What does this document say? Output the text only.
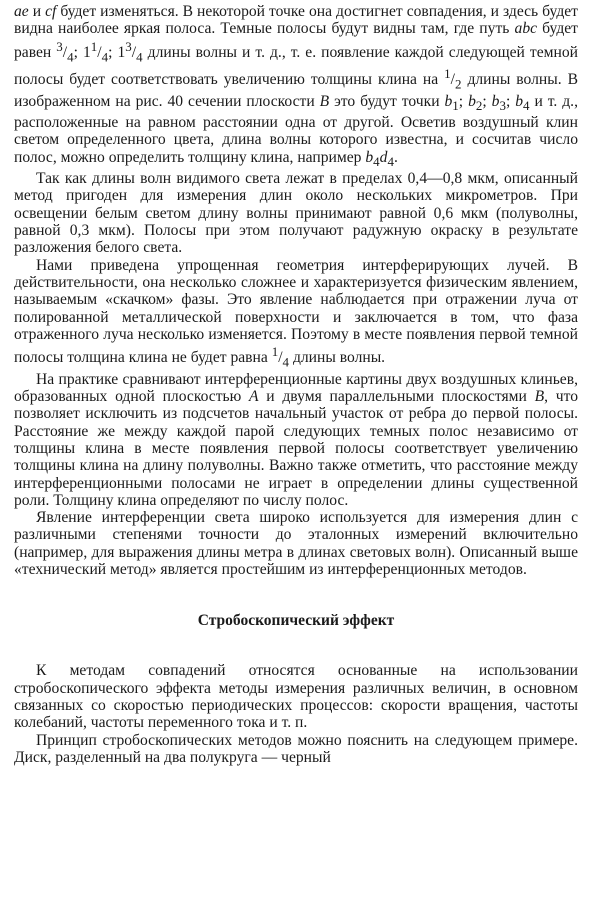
ae и cf будет изменяться. В некоторой точке она достигнет совпадения, и здесь будет видна наиболее яркая полоса. Темные полосы будут видны там, где путь abc будет равен $^3/_4$; $1^1/_4$; $1^3/_4$ длины волны и т. д., т. е. появление каждой следующей темной полосы будет соответствовать увеличению толщины клина на $^1/_2$ длины волны. В изображенном на рис. 40 сечении плоскости B это будут точки $b_1$; $b_2$; $b_3$; $b_4$ и т. д., расположенные на равном расстоянии одна от другой. Осветив воздушный клин светом определенного цвета, длина волны которого известна, и сосчитав число полос, можно определить толщину клина, например $b_4d_4$.

Так как длины волн видимого света лежат в пределах 0,4—0,8 мкм, описанный метод пригоден для измерения длин около нескольких микрометров. При освещении белым светом длину волны принимают равной 0,6 мкм (полуволны, равной 0,3 мкм). Полосы при этом получают радужную окраску в результате разложения белого света.

Нами приведена упрощенная геометрия интерферирующих лучей. В действительности, она несколько сложнее и характеризуется физическим явлением, называемым «скачком» фазы. Это явление наблюдается при отражении луча от полированной металлической поверхности и заключается в том, что фаза отраженного луча несколько изменяется. Поэтому в месте появления первой темной полосы толщина клина не будет равна $^1/_4$ длины волны.

На практике сравнивают интерференционные картины двух воздушных клиньев, образованных одной плоскостью A и двумя параллельными плоскостями B, что позволяет исключить из подсчетов начальный участок от ребра до первой полосы. Расстояние же между каждой парой следующих темных полос независимо от толщины клина в месте появления первой полосы соответствует увеличению толщины клина на длину полуволны. Важно также отметить, что расстояние между интерференционными полосами не играет в определении длины существенной роли. Толщину клина определяют по числу полос.

Явление интерференции света широко используется для измерения длин с различными степенями точности до эталонных измерений включительно (например, для выражения длины метра в длинах световых волн). Описанный выше «технический метод» является простейшим из интерференционных методов.

Стробоскопический эффект

К методам совпадений относятся основанные на использовании стробоскопического эффекта методы измерения различных величин, в основном связанных со скоростью периодических процессов: скорости вращения, частоты колебаний, частоты переменного тока и т. п.

Принцип стробоскопических методов можно пояснить на следующем примере. Диск, разделенный на два полукруга — черный
